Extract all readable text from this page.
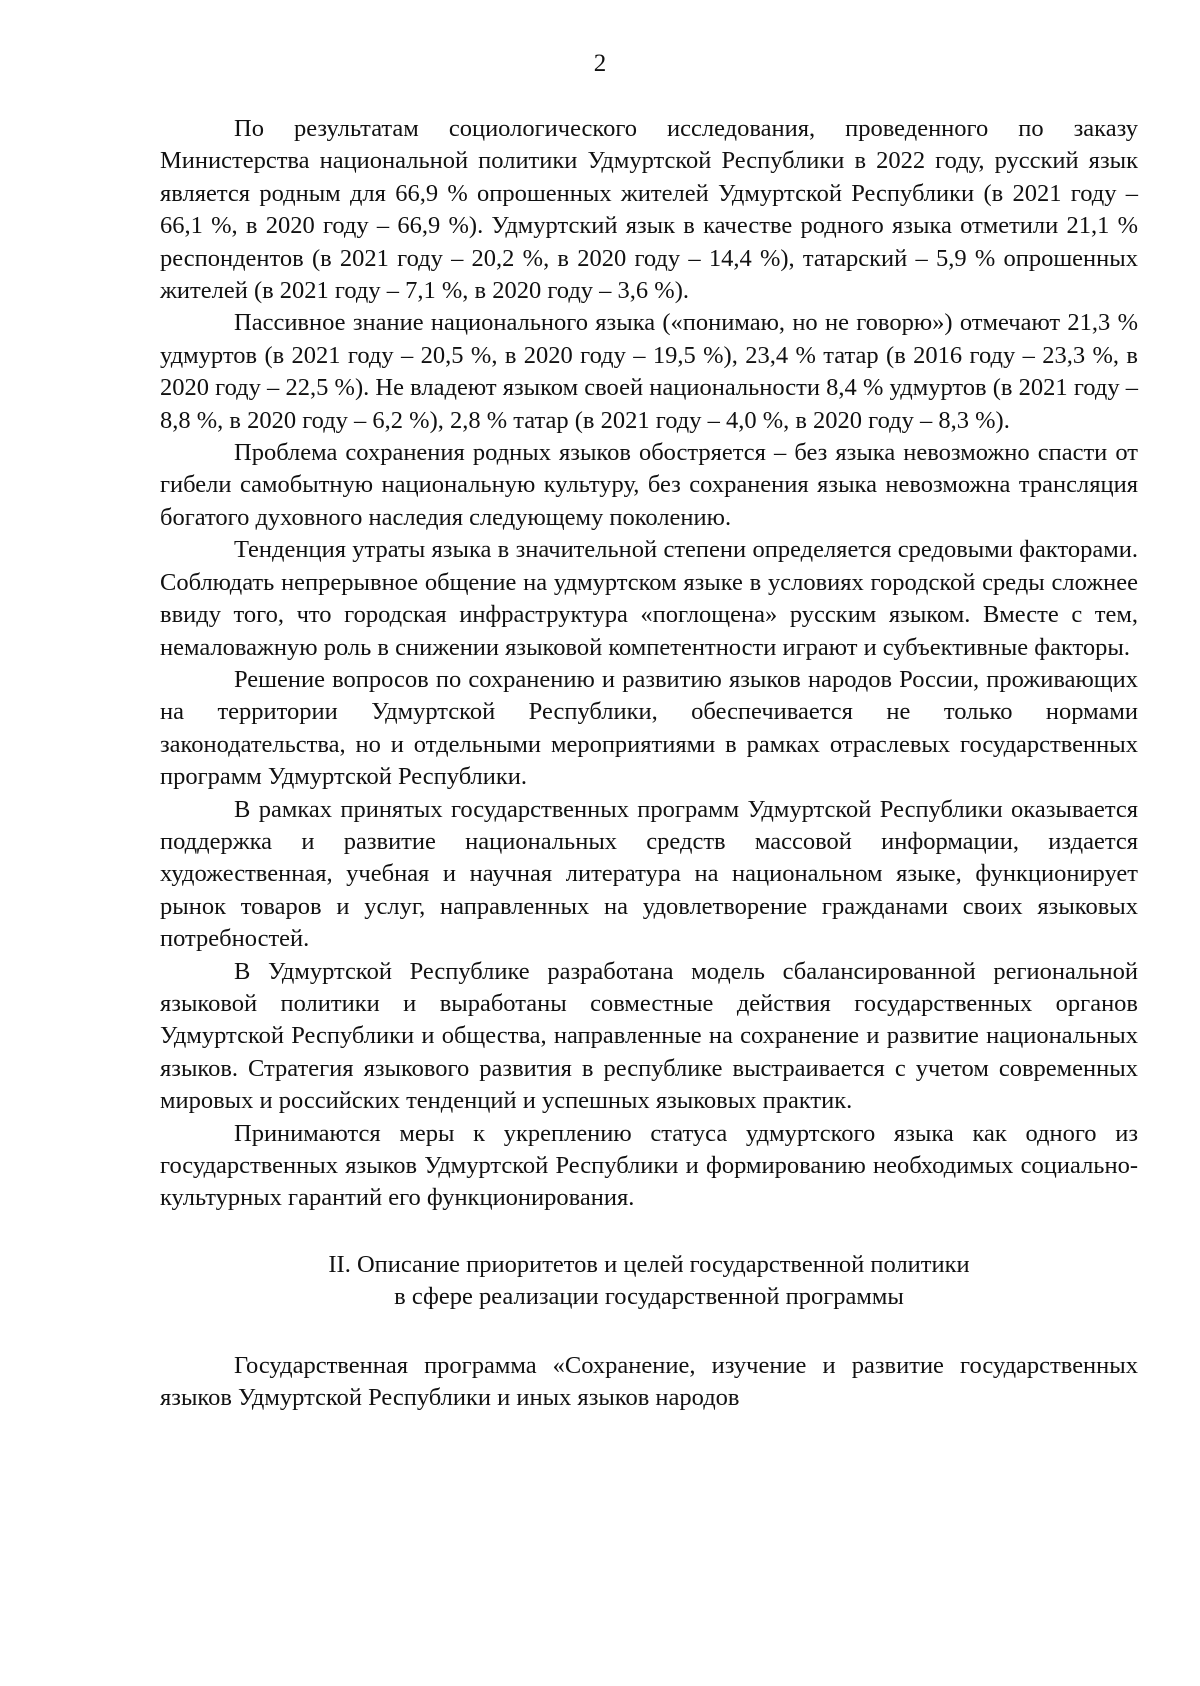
2

По результатам социологического исследования, проведенного по заказу Министерства национальной политики Удмуртской Республики в 2022 году, русский язык является родным для 66,9 % опрошенных жителей Удмуртской Республики (в 2021 году – 66,1 %, в 2020 году – 66,9 %). Удмуртский язык в качестве родного языка отметили 21,1 % респондентов (в 2021 году – 20,2 %, в 2020 году – 14,4 %), татарский – 5,9 % опрошенных жителей (в 2021 году – 7,1 %, в 2020 году – 3,6 %).

Пассивное знание национального языка («понимаю, но не говорю») отмечают 21,3 % удмуртов (в 2021 году – 20,5 %, в 2020 году – 19,5 %), 23,4 % татар (в 2016 году – 23,3 %, в 2020 году – 22,5 %). Не владеют языком своей национальности 8,4 % удмуртов (в 2021 году – 8,8 %, в 2020 году – 6,2 %), 2,8 % татар (в 2021 году – 4,0 %, в 2020 году – 8,3 %).

Проблема сохранения родных языков обостряется – без языка невозможно спасти от гибели самобытную национальную культуру, без сохранения языка невозможна трансляция богатого духовного наследия следующему поколению.

Тенденция утраты языка в значительной степени определяется средовыми факторами. Соблюдать непрерывное общение на удмуртском языке в условиях городской среды сложнее ввиду того, что городская инфраструктура «поглощена» русским языком. Вместе с тем, немаловажную роль в снижении языковой компетентности играют и субъективные факторы.

Решение вопросов по сохранению и развитию языков народов России, проживающих на территории Удмуртской Республики, обеспечивается не только нормами законодательства, но и отдельными мероприятиями в рамках отраслевых государственных программ Удмуртской Республики.

В рамках принятых государственных программ Удмуртской Республики оказывается поддержка и развитие национальных средств массовой информации, издается художественная, учебная и научная литература на национальном языке, функционирует рынок товаров и услуг, направленных на удовлетворение гражданами своих языковых потребностей.

В Удмуртской Республике разработана модель сбалансированной региональной языковой политики и выработаны совместные действия государственных органов Удмуртской Республики и общества, направленные на сохранение и развитие национальных языков. Стратегия языкового развития в республике выстраивается с учетом современных мировых и российских тенденций и успешных языковых практик.

Принимаются меры к укреплению статуса удмуртского языка как одного из государственных языков Удмуртской Республики и формированию необходимых социально-культурных гарантий его функционирования.

II. Описание приоритетов и целей государственной политики
в сфере реализации государственной программы

Государственная программа «Сохранение, изучение и развитие государственных языков Удмуртской Республики и иных языков народов
